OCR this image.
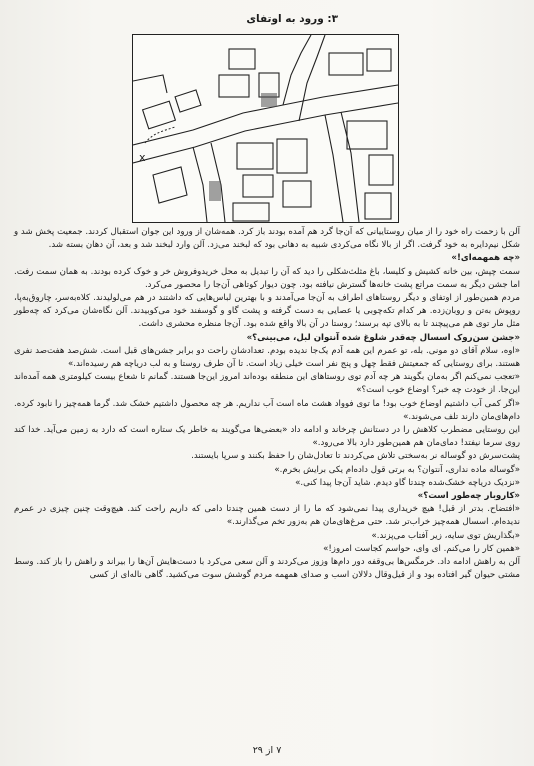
۳: ورود به اوتفای
x

آلن با زحمت راه خود را از میان روستاییانی که آن‌جا گرد هم آمده بودند باز کرد. همه‌شان از ورود این جوان استقبال کردند. جمعیت پخش شد و شکل نیم‌دایره به خود گرفت. اگر از بالا نگاه می‌کردی شبیه به دهانی بود که لبخند می‌زد. آلن وارد لبخند شد و بعد، آن دهان بسته شد.

«چه همهمه‌ای!»

سمت چپش، بین خانه کشیش و کلیسا، باغ مثلث‌شکلی را دید که آن را تبدیل به محل خریدوفروش خر و خوک کرده بودند. به همان سمت رفت. اما جشن دیگر به سمت مراتع پشت خانه‌ها گسترش نیافته بود. چون دیوار کوتاهی آن‌جا را محصور می‌کرد.

مردم همین‌طور از اوتفای و دیگر روستاهای اطراف به آن‌جا می‌آمدند و با بهترین لباس‌هایی که داشتند در هم می‌لولیدند. کلاه‌به‌سر، چاروق‌به‌پا، روپوش به‌تن و روبان‌زده. هر کدام تکه‌چوبی یا عصایی به دست گرفته و پشت گاو و گوسفند خود می‌کوبیدند. آلن نگاه‌شان می‌کرد که چه‌طور مثل مار توی هم می‌پیچند تا به بالای تپه برسند؛ روستا در آن بالا واقع شده بود. آن‌جا منظره محشری داشت.

«جشن سن‌روک اسسال چه‌قدر شلوغ شده آنتوان لبل، می‌بینی؟»

«اوه، سلام آقای دو مونی. بله، تو عمرم این همه آدم یک‌جا ندیده بودم. تعدادشان راحت دو برابر جشن‌های قبل است. شش‌صد هفت‌صد نفری هستند. برای روستایی که جمعیتش فقط چهل و پنج نفر است خیلی زیاد است. تا آن طرف روستا و به لب دریاچه هم رسیده‌اند.»

«تعجب نمی‌کنم اگر به‌مان بگویند هر چه آدم توی روستاهای این منطقه بوده‌اند امروز این‌جا هستند. گمانم تا شعاع بیست کیلومتری همه آمده‌اند این‌جا. از خودت چه خبر؟ اوضاع خوب است؟»

«اگر کمی آب داشتیم اوضاع خوب بود! ما توی فوواد هشت ماه است آب نداریم. هر چه محصول داشتیم خشک شد. گرما همه‌چیز را نابود کرده. دام‌های‌مان دارند تلف می‌شوند.»

این روستایی مضطرب کلاهش را در دستانش چرخاند و ادامه داد «بعضی‌ها می‌گویند به خاطر یک ستاره است که دارد به زمین می‌آید. خدا کند روی سرما نیفتد! دمای‌مان هم همین‌طور دارد بالا می‌رود.»

پشت‌سرش دو گوساله نر به‌سختی تلاش می‌کردند تا تعادل‌شان را حفظ بکنند و سرپا بایستند.

«گوساله ماده نداری، آنتوان؟ به برتی قول داده‌ام یکی برایش بخرم.»

«نزدیک دریاچه خشک‌شده چندتا گاو دیدم. شاید آن‌جا پیدا کنی.»

«کاروبار چه‌طور است؟»

«افتضاح. بدتر از قبل! هیچ خریداری پیدا نمی‌شود که ما را از دست همین چندتا دامی که داریم راحت کند. هیچ‌وقت چنین چیزی در عمرم ندیده‌ام. اسسال همه‌چیز خراب‌تر شد. حتی مرغ‌های‌مان هم به‌زور تخم می‌گذارند.»

«بگذاریش توی سایه، زیر آفتاب می‌پزند.»

«همین کار را می‌کنم. ای وای، حواسم کجاست امروز!»

آلن به راهش ادامه داد. خرمگس‌ها بی‌وقفه دور دام‌ها وزوز می‌کردند و آلن سعی می‌کرد با دست‌هایش آن‌ها را بیراند و راهش را باز کند. وسط مشتی حیوان گیر افتاده بود و از قیل‌وقال دلالان اسب و صدای همهمه مردم گوشش سوت می‌کشید. گاهی ناله‌ای از کسی

۷ از ۲۹
